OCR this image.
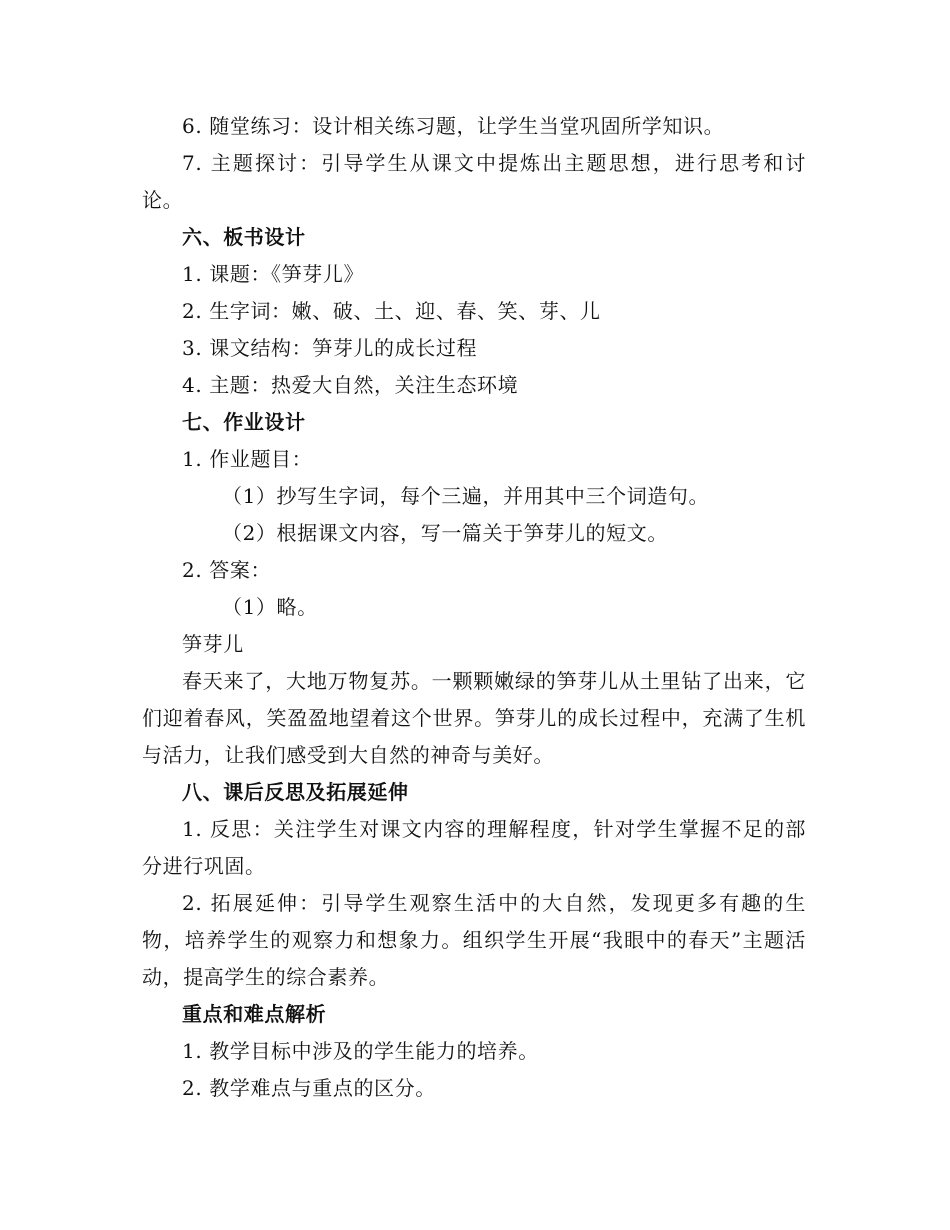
6. 随堂练习：设计相关练习题，让学生当堂巩固所学知识。

7. 主题探讨：引导学生从课文中提炼出主题思想，进行思考和讨论。

六、板书设计

1. 课题：《笋芽儿》

2. 生字词：嫩、破、土、迎、春、笑、芽、儿

3. 课文结构：笋芽儿的成长过程

4. 主题：热爱大自然，关注生态环境

七、作业设计

1. 作业题目：

（1）抄写生字词，每个三遍，并用其中三个词造句。

（2）根据课文内容，写一篇关于笋芽儿的短文。

2. 答案：

（1）略。

笋芽儿

春天来了，大地万物复苏。一颗颗嫩绿的笋芽儿从土里钻了出来，它们迎着春风，笑盈盈地望着这个世界。笋芽儿的成长过程中，充满了生机与活力，让我们感受到大自然的神奇与美好。

八、课后反思及拓展延伸

1. 反思：关注学生对课文内容的理解程度，针对学生掌握不足的部分进行巩固。

2. 拓展延伸：引导学生观察生活中的大自然，发现更多有趣的生物，培养学生的观察力和想象力。组织学生开展“我眼中的春天”主题活动，提高学生的综合素养。

重点和难点解析

1. 教学目标中涉及的学生能力的培养。

2. 教学难点与重点的区分。
